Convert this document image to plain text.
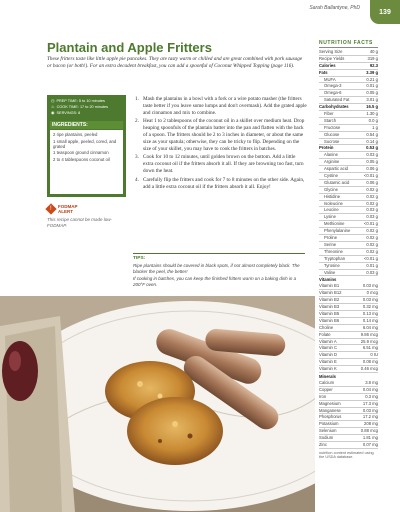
Sarah Ballantyne, PhD
139
Plantain and Apple Fritters

These fritters taste like little apple pie pancakes. They are tasty warm or chilled and are great combined with pork sausage or bacon (or both!). For an extra decadent breakfast, you can add a spoonful of Coconut Whipped Topping (page 116).

◷ PREP TIME: 5 to 10 minutes
♨ COOK TIME: 17 to 20 minutes
◉ SERVINGS: 8
INGREDIENTS:
2 ripe plantains, peeled
1 small apple, peeled, cored, and grated
1 teaspoon ground cinnamon
2 to 4 tablespoons coconut oil
!	FODMAP ALERT
This recipe cannot be made low-FODMAP.
1. Mash the plantains in a bowl with a fork or a wire potato masher (the fritters taste better if you leave some lumps and don't overmash). Add the grated apple and cinnamon and mix to combine.
2. Heat 1 to 2 tablespoons of the coconut oil in a skillet over medium heat. Drop heaping spoonfuls of the plantain batter into the pan and flatten with the back of a spoon. The fritters should be 2 to 3 inches in diameter, or about the same size as your spatula; otherwise, they can be tricky to flip. Depending on the size of your skillet, you may have to cook the fritters in batches.
3. Cook for 10 to 12 minutes, until golden brown on the bottom. Add a little extra coconut oil if the fritters absorb it all. If they are browning too fast, turn down the heat.
4. Carefully flip the fritters and cook for 7 to 8 minutes on the other side. Again, add a little extra coconut oil if the fritters absorb it all. Enjoy!
TIPS:

Ripe plantains should be covered in black spots, if not almost completely black. The blacker the peel, the better!

If cooking in batches, you can keep the finished fritters warm on a baking dish in a 200°F oven.

NUTRITION FACTS
Serving Size	40 g
Recipe Yields	319 g
Calories	92.3
Fats	3.39 g
MUFA	0.21 g
Omega-3	0.01 g
Omega-6	0.05 g
Saturated Fat	3.01 g
Carbohydrates	16.5 g
Fiber	1.30 g
Starch	0.0 g
Fructose	1 g
Glucose	0.54 g
Sucrose	0.14 g
Protein	0.53 g
Alanine	0.03 g
Arginine	0.05 g
Aspartic acid	0.06 g
Cystine	<0.01 g
Glutamic acid	0.06 g
Glycine	0.02 g
Histidine	0.02 g
Isoleucine	0.02 g
Leucine	0.03 g
Lysine	0.03 g
Methionine	<0.01 g
Phenylalanine	0.02 g
Proline	0.02 g
Serine	0.02 g
Threonine	0.02 g
Tryptophan	<0.01 g
Tyrosine	0.01 g
Valine	0.03 g
Vitamins
Vitamin B1	0.03 mg
Vitamin B12	0 mcg
Vitamin B2	0.03 mg
Vitamin B3	0.32 mg
Vitamin B5	0.13 mg
Vitamin B6	0.14 mg
Choline	6.04 mg
Folate	9.86 mcg
Vitamin A	25.9 mcg
Vitamin C	6.51 mg
Vitamin D	0 IU
Vitamin E	0.08 mg
Vitamin K	0.46 mcg
Minerals
Calcium	3.8 mg
Copper	0.04 mg
Iron	0.3 mg
Magnesium	17.3 mg
Manganese	0.03 mg
Phosphorus	17.2 mg
Potassium	208 mg
Selenium	0.88 mcg
Sodium	1.81 mg
Zinc	0.07 mg
nutrition content estimated using the USDA database.
